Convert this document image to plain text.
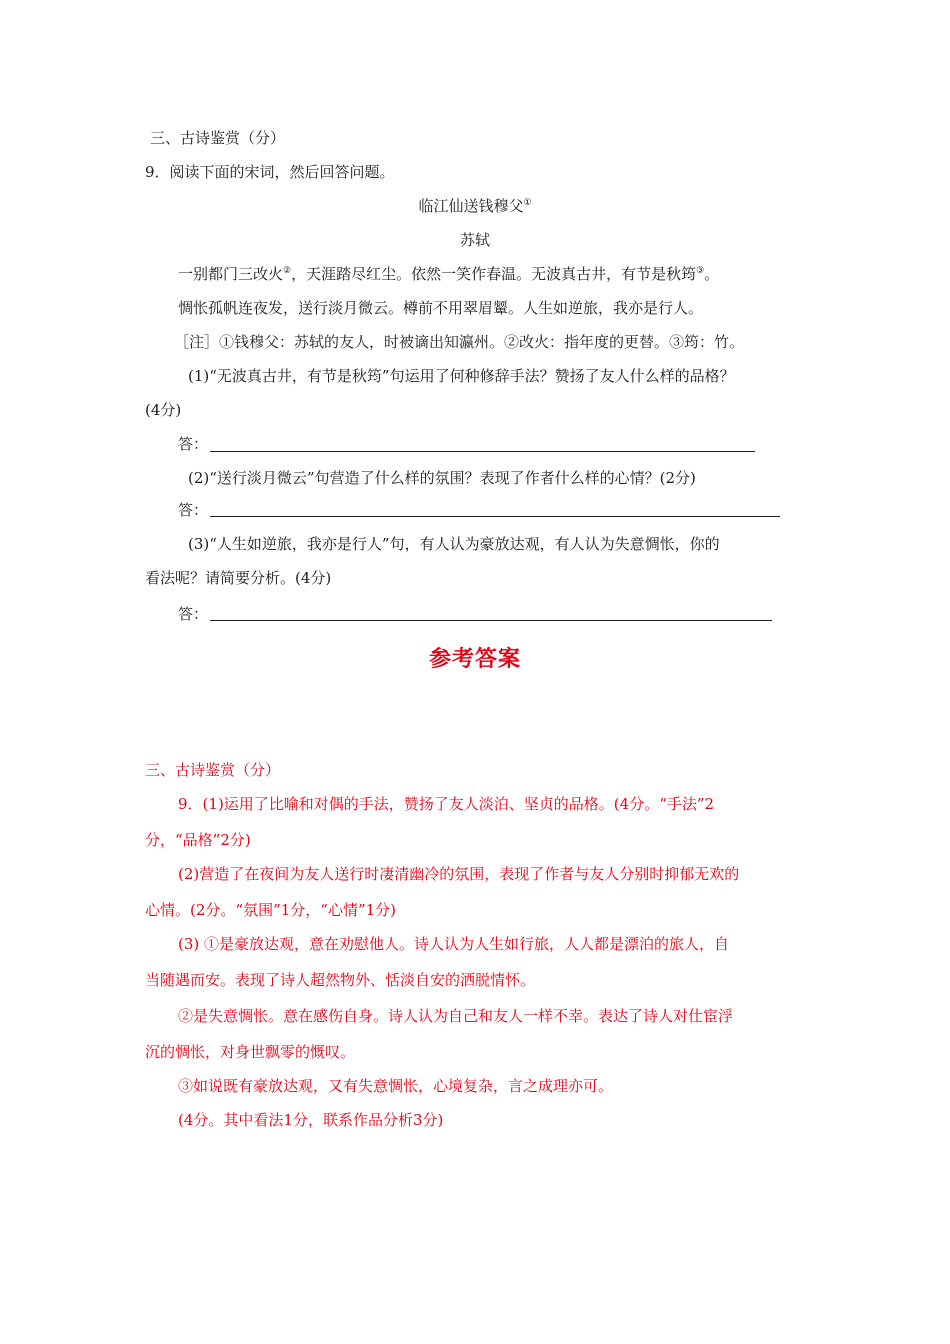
三、古诗鉴赏（分）
9．阅读下面的宋词，然后回答问题。
临江仙送钱穆父①
苏轼
一别都门三改火②，天涯踏尽红尘。依然一笑作春温。无波真古井，有节是秋筠③。
惆怅孤帆连夜发，送行淡月微云。樽前不用翠眉颦。人生如逆旅，我亦是行人。
［注］①钱穆父：苏轼的友人，时被谪出知瀛州。②改火：指年度的更替。③筠：竹。
(1)“无波真古井，有节是秋筠”句运用了何种修辞手法？赞扬了友人什么样的品格？
(4分)
答：
(2)“送行淡月微云”句营造了什么样的氛围？表现了作者什么样的心情？(2分)
答：
(3)“人生如逆旅，我亦是行人”句，有人认为豪放达观，有人认为失意惆怅，你的
看法呢？请简要分析。(4分)
答：
参考答案
三、古诗鉴赏（分）
9．(1)运用了比喻和对偶的手法，赞扬了友人淡泊、坚贞的品格。(4分。“手法”2
分，“品格”2分)
(2)营造了在夜间为友人送行时凄清幽冷的氛围，表现了作者与友人分别时抑郁无欢的
心情。(2分。“氛围”1分，“心情”1分)
(3) ①是豪放达观，意在劝慰他人。诗人认为人生如行旅，人人都是漂泊的旅人，自
当随遇而安。表现了诗人超然物外、恬淡自安的洒脱情怀。
②是失意惆怅。意在感伤自身。诗人认为自己和友人一样不幸。表达了诗人对仕宦浮
沉的惆怅，对身世飘零的慨叹。
③如说既有豪放达观，又有失意惆怅，心境复杂，言之成理亦可。
(4分。其中看法1分，联系作品分析3分)
